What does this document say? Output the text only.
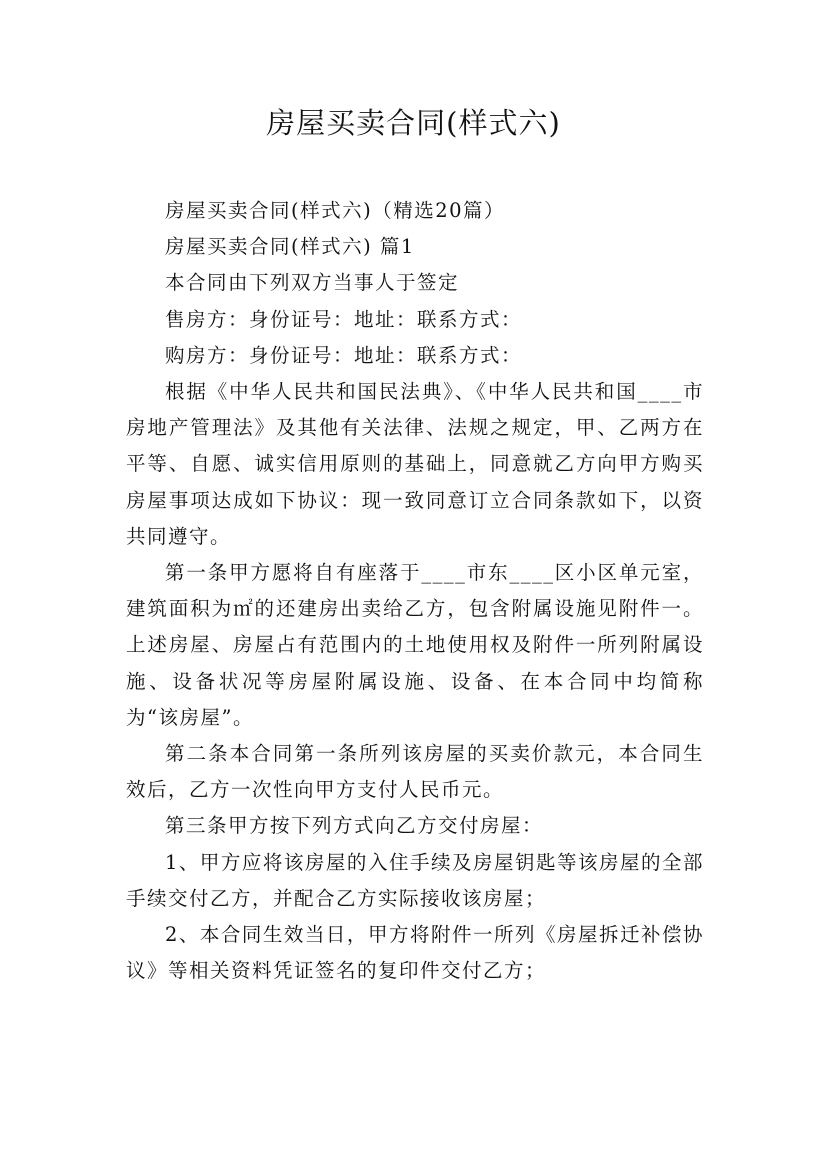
房屋买卖合同(样式六)

房屋买卖合同(样式六)（精选20篇）

房屋买卖合同(样式六) 篇1

本合同由下列双方当事人于签定

售房方：身份证号：地址：联系方式：

购房方：身份证号：地址：联系方式：

根据《中华人民共和国民法典》、《中华人民共和国____市房地产管理法》及其他有关法律、法规之规定，甲、乙两方在平等、自愿、诚实信用原则的基础上，同意就乙方向甲方购买房屋事项达成如下协议：现一致同意订立合同条款如下，以资共同遵守。

第一条甲方愿将自有座落于____市东____区小区单元室，建筑面积为㎡的还建房出卖给乙方，包含附属设施见附件一。上述房屋、房屋占有范围内的土地使用权及附件一所列附属设施、设备状况等房屋附属设施、设备、在本合同中均简称为“该房屋”。

第二条本合同第一条所列该房屋的买卖价款元，本合同生效后，乙方一次性向甲方支付人民币元。

第三条甲方按下列方式向乙方交付房屋：

1、甲方应将该房屋的入住手续及房屋钥匙等该房屋的全部手续交付乙方，并配合乙方实际接收该房屋；

2、本合同生效当日，甲方将附件一所列《房屋拆迁补偿协议》等相关资料凭证签名的复印件交付乙方；
